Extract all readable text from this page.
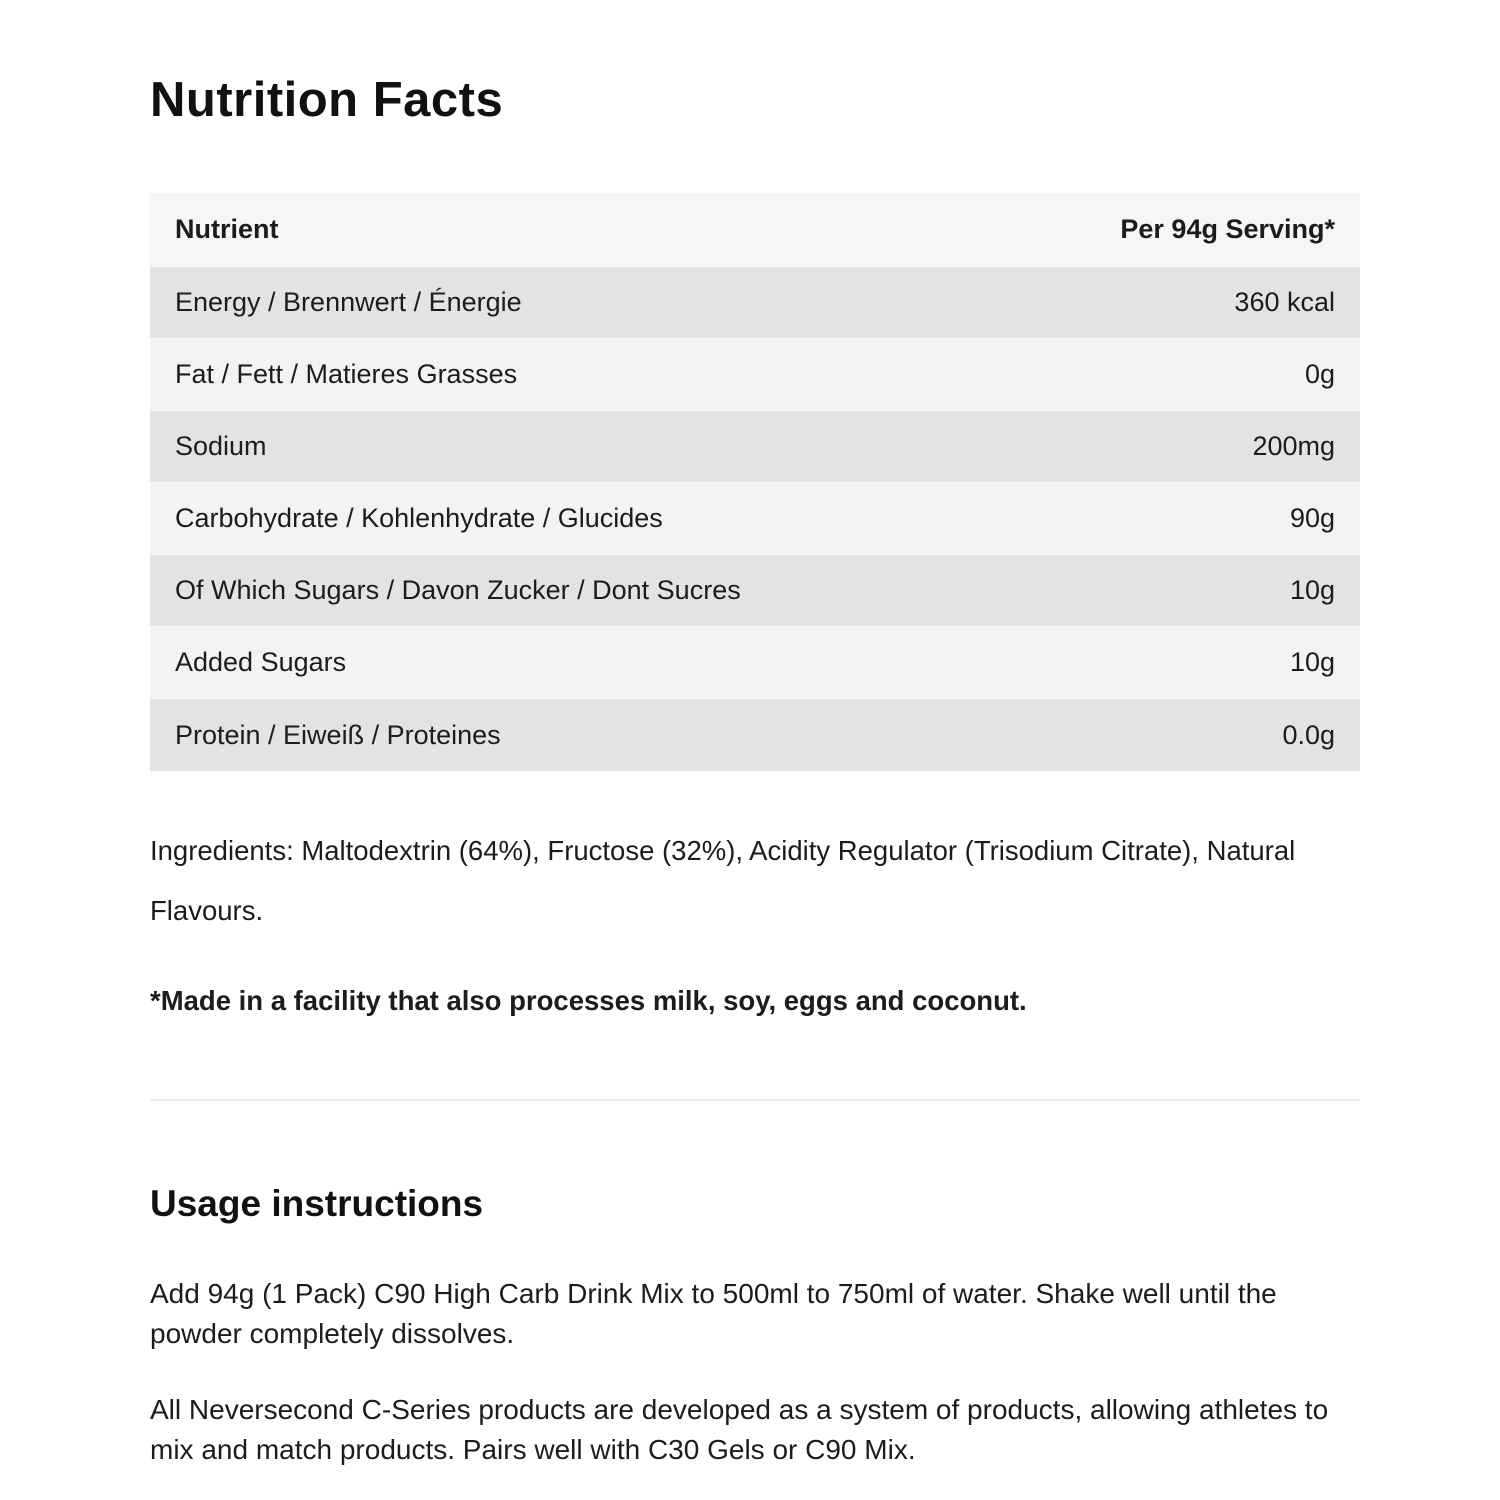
Nutrition Facts
Nutrient	Per 94g Serving*
Energy / Brennwert / Énergie	360 kcal
Fat / Fett / Matieres Grasses	0g
Sodium	200mg
Carbohydrate / Kohlenhydrate / Glucides	90g
Of Which Sugars / Davon Zucker / Dont Sucres	10g
Added Sugars	10g
Protein / Eiweiß / Proteines	0.0g

Ingredients: Maltodextrin (64%), Fructose (32%), Acidity Regulator (Trisodium Citrate), Natural Flavours.

*Made in a facility that also processes milk, soy, eggs and coconut.

Usage instructions

Add 94g (1 Pack) C90 High Carb Drink Mix to 500ml to 750ml of water. Shake well until the powder completely dissolves.

All Neversecond C-Series products are developed as a system of products, allowing athletes to mix and match products. Pairs well with C30 Gels or C90 Mix.
